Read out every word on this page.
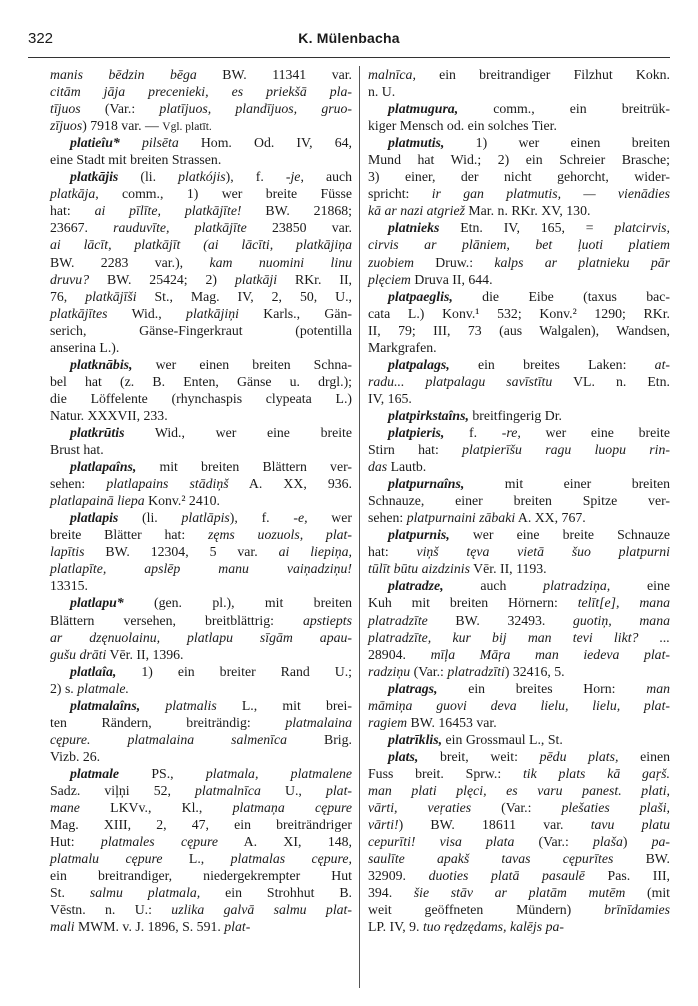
322	K. Mülenbacha
manis bēdzin bēga BW. 11341 var.
citām jāja precenieki, es priekšā pla-
tījuos (Var.: platījuos, plandījuos, gruo-
zījuos) 7918 var. — Vgl. platīt.
platieîu* pilsēta Hom. Od. IV, 64,
eine Stadt mit breiten Strassen.
platkājis (li. platkójis), f. -je, auch
platkāja, comm., 1) wer breite Füsse
hat: ai pīlīte, platkājīte! BW. 21868;
23667. rauduvīte, platkājīte 23850 var.
ai lācīt, platkājīt (ai lācīti, platkājiņa
BW. 2283 var.), kam nuomini linu
druvu? BW. 25424; 2) platkāji RKr. II,
76, platkājīši St., Mag. IV, 2, 50, U.,
platkājītes Wid., platkājiņi Karls., Gän-
serich, Gänse-Fingerkraut (potentilla
anserina L.).
platknābis, wer einen breiten Schna-
bel hat (z. B. Enten, Gänse u. drgl.);
die Löffelente (rhynchaspis clypeata L.)
Natur. XXXVII, 233.
platkrūtis Wid., wer eine breite
Brust hat.
platlapaîns, mit breiten Blättern ver-
sehen: platlapains stādiņš A. XX, 936.
platlapainā liepa Konv.² 2410.
platlapis (li. platlāpis), f. -e, wer
breite Blätter hat: zęms uozuols, plat-
lapītis BW. 12304, 5 var. ai liepiņa,
platlapīte, apslēp manu vaiņadziņu!
13315.
platlapu* (gen. pl.), mit breiten
Blättern versehen, breitblättrig: apstiepts
ar dzęnuolainu, platlapu sīgām apau-
gušu drāti Vēr. II, 1396.
platlaîa, 1) ein breiter Rand U.;
2) s. platmale.
platmalaîns, platmalis L., mit brei-
ten Rändern, breiträndig: platmalaina
cępure. platmalaina salmenīca Brig.
Vizb. 26.
platmale PS., platmala, platmalene
Sadz. viļņi 52, platmalnīca U., plat-
mane LKVv., Kl., platmaņa cępure
Mag. XIII, 2, 47, ein breiträndriger
Hut: platmales cępure A. XI, 148,
platmalu cępure L., platmalas cępure,
ein breitrandiger, niedergekrempter Hut
St. salmu platmala, ein Strohhut B.
Vēstn. n. U.: uzlika galvā salmu plat-
mali MWM. v. J. 1896, S. 591. plat-
malnīca, ein breitrandiger Filzhut Kokn.
n. U.
platmugura, comm., ein breitrük-
kiger Mensch od. ein solches Tier.
platmutis, 1) wer einen breiten
Mund hat Wid.; 2) ein Schreier Brasche;
3) einer, der nicht gehorcht, wider-
spricht: ir gan platmutis, — vienādies
kā ar nazi atgriež Mar. n. RKr. XV, 130.
platnieks Etn. IV, 165, = platcirvis,
cirvis ar plāniem, bet ļuoti platiem
zuobiem Druw.: kalps ar platnieku pār
plęciem Druva II, 644.
platpaeglis, die Eibe (taxus bac-
cata L.) Konv.¹ 532; Konv.² 1290; RKr.
II, 79; III, 73 (aus Walgalen), Wandsen,
Markgrafen.
platpalags, ein breites Laken: at-
radu... platpalagu savīstītu VL. n. Etn.
IV, 165.
platpirkstaîns, breitfingerig Dr.
platpieris, f. -re, wer eine breite
Stirn hat: platpierīšu ragu luopu rin-
das Lautb.
platpurnaîns, mit einer breiten
Schnauze, einer breiten Spitze ver-
sehen: platpurnaini zābaki A. XX, 767.
platpurnis, wer eine breite Schnauze
hat: viņš tęva vietā šuo platpurni
tūlīt būtu aizdzinis Vēr. II, 1193.
platradze, auch platradziņa, eine
Kuh mit breiten Hörnern: telīt[e], mana
platradzīte BW. 32493. guotiņ, mana
platradzīte, kur bij man tevi likt? ...
28904. mīļa Māŗa man iedeva plat-
radziņu (Var.: platradzīti) 32416, 5.
platrags, ein breites Horn: man
māmiņa guovi deva lielu, lielu, plat-
ragiem BW. 16453 var.
platrīklis, ein Grossmaul L., St.
plats, breit, weit: pēdu plats, einen
Fuss breit. Sprw.: tik plats kā gaŗš.
man plati plęci, es varu panest. plati,
vārti, veŗaties (Var.: plešaties plaši,
vārti!) BW. 18611 var. tavu platu
cepurīti! visa plata (Var.: plaša) pa-
saulīte apakš tavas cępurītes BW.
32909. duoties platā pasaulē Pas. III,
394. šie stāv ar platām mutēm (mit
weit geöffneten Mündern) brīnīdamies
LP. IV, 9. tuo rędzędams, kalējs pa-
